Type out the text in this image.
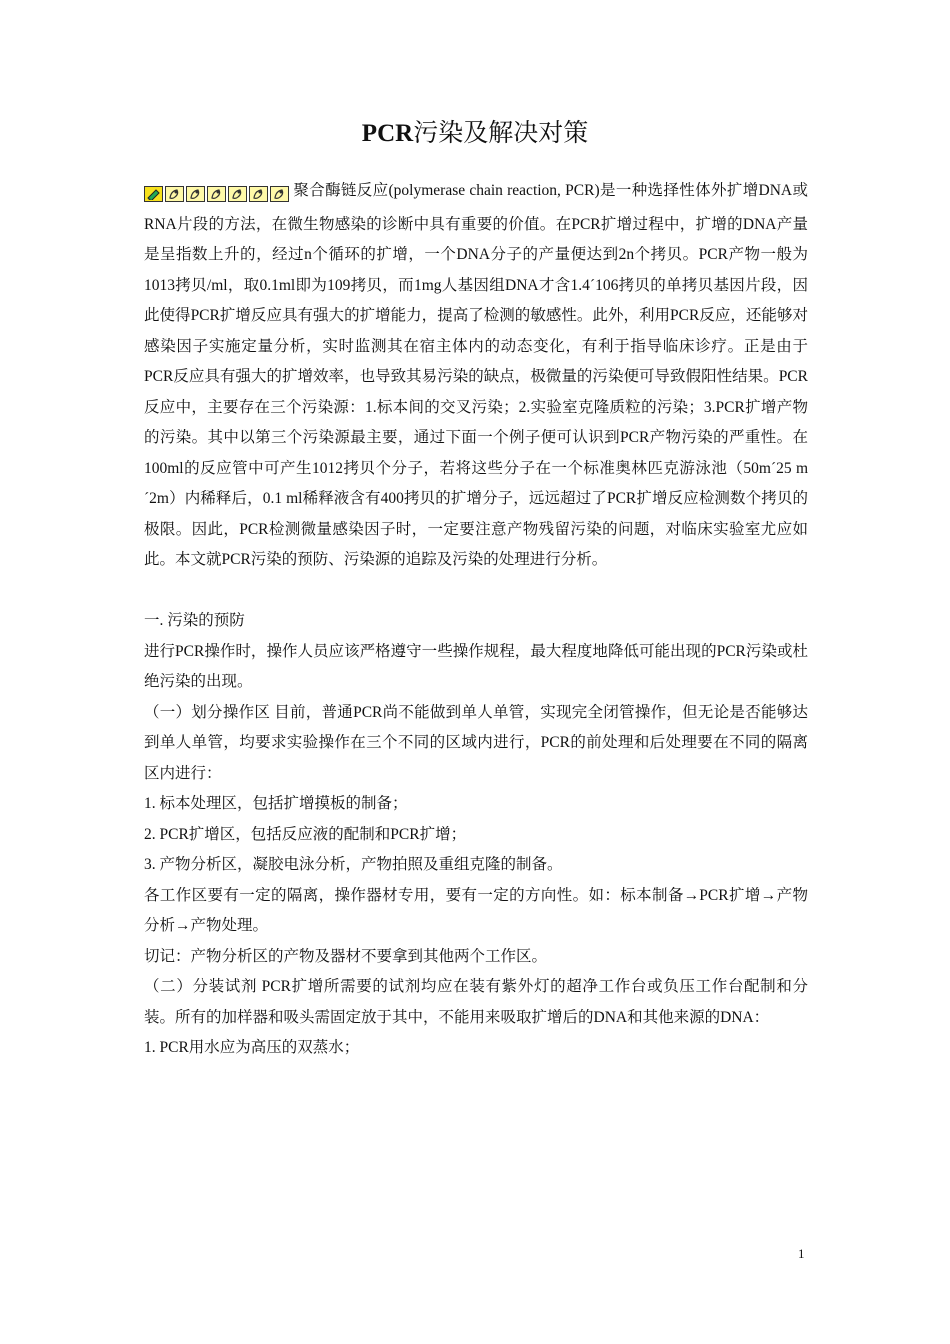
PCR污染及解决对策

聚合酶链反应(polymerase chain reaction, PCR)是一种选择性体外扩增DNA或RNA片段的方法，在微生物感染的诊断中具有重要的价值。在PCR扩增过程中，扩增的DNA产量是呈指数上升的，经过n个循环的扩增，一个DNA分子的产量便达到2n个拷贝。PCR产物一般为1013拷贝/ml，取0.1ml即为109拷贝，而1mg人基因组DNA才含1.4´106拷贝的单拷贝基因片段，因此使得PCR扩增反应具有强大的扩增能力，提高了检测的敏感性。此外，利用PCR反应，还能够对感染因子实施定量分析，实时监测其在宿主体内的动态变化，有利于指导临床诊疗。正是由于PCR反应具有强大的扩增效率，也导致其易污染的缺点，极微量的污染便可导致假阳性结果。PCR反应中，主要存在三个污染源：1.标本间的交叉污染；2.实验室克隆质粒的污染；3.PCR扩增产物的污染。其中以第三个污染源最主要，通过下面一个例子便可认识到PCR产物污染的严重性。在100ml的反应管中可产生1012拷贝个分子，若将这些分子在一个标准奥林匹克游泳池（50m´25 m ´2m）内稀释后，0.1 ml稀释液含有400拷贝的扩增分子，远远超过了PCR扩增反应检测数个拷贝的极限。因此，PCR检测微量感染因子时，一定要注意产物残留污染的问题，对临床实验室尤应如此。本文就PCR污染的预防、污染源的追踪及污染的处理进行分析。

一. 污染的预防

进行PCR操作时，操作人员应该严格遵守一些操作规程，最大程度地降低可能出现的PCR污染或杜绝污染的出现。

（一）划分操作区 目前，普通PCR尚不能做到单人单管，实现完全闭管操作，但无论是否能够达到单人单管，均要求实验操作在三个不同的区域内进行，PCR的前处理和后处理要在不同的隔离区内进行：

1. 标本处理区，包括扩增摸板的制备；

2. PCR扩增区，包括反应液的配制和PCR扩增；

3. 产物分析区，凝胶电泳分析，产物拍照及重组克隆的制备。

各工作区要有一定的隔离，操作器材专用，要有一定的方向性。如：标本制备→PCR扩增→产物分析→产物处理。

切记：产物分析区的产物及器材不要拿到其他两个工作区。

（二）分装试剂 PCR扩增所需要的试剂均应在装有紫外灯的超净工作台或负压工作台配制和分装。所有的加样器和吸头需固定放于其中，不能用来吸取扩增后的DNA和其他来源的DNA：

1. PCR用水应为高压的双蒸水；

1
